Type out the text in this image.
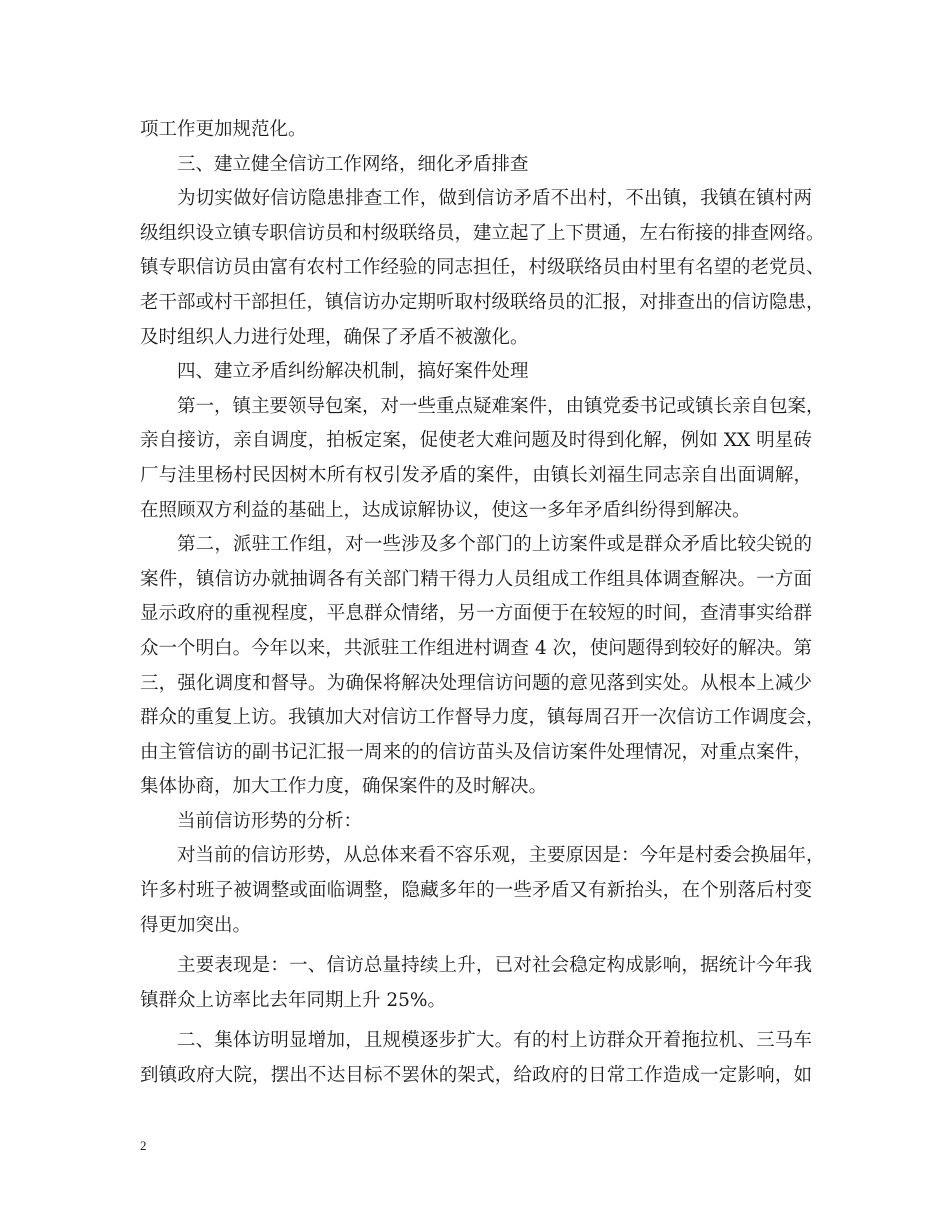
项工作更加规范化。
三、建立健全信访工作网络，细化矛盾排查
为切实做好信访隐患排查工作，做到信访矛盾不出村，不出镇，我镇在镇村两
级组织设立镇专职信访员和村级联络员，建立起了上下贯通，左右衔接的排查网络。
镇专职信访员由富有农村工作经验的同志担任，村级联络员由村里有名望的老党员、
老干部或村干部担任，镇信访办定期听取村级联络员的汇报，对排查出的信访隐患，
及时组织人力进行处理，确保了矛盾不被激化。
四、建立矛盾纠纷解决机制，搞好案件处理
第一，镇主要领导包案，对一些重点疑难案件，由镇党委书记或镇长亲自包案，
亲自接访，亲自调度，拍板定案，促使老大难问题及时得到化解，例如 XX 明星砖
厂与洼里杨村民因树木所有权引发矛盾的案件，由镇长刘福生同志亲自出面调解，
在照顾双方利益的基础上，达成谅解协议，使这一多年矛盾纠纷得到解决。
第二，派驻工作组，对一些涉及多个部门的上访案件或是群众矛盾比较尖锐的
案件，镇信访办就抽调各有关部门精干得力人员组成工作组具体调查解决。一方面
显示政府的重视程度，平息群众情绪，另一方面便于在较短的时间，查清事实给群
众一个明白。今年以来，共派驻工作组进村调查 4 次，使问题得到较好的解决。第
三，强化调度和督导。为确保将解决处理信访问题的意见落到实处。从根本上减少
群众的重复上访。我镇加大对信访工作督导力度，镇每周召开一次信访工作调度会，
由主管信访的副书记汇报一周来的的信访苗头及信访案件处理情况，对重点案件，
集体协商，加大工作力度，确保案件的及时解决。
当前信访形势的分析：
对当前的信访形势，从总体来看不容乐观，主要原因是：今年是村委会换届年，
许多村班子被调整或面临调整，隐藏多年的一些矛盾又有新抬头，在个别落后村变
得更加突出。
主要表现是：一、信访总量持续上升，已对社会稳定构成影响，据统计今年我
镇群众上访率比去年同期上升 25%。
二、集体访明显增加，且规模逐步扩大。有的村上访群众开着拖拉机、三马车
到镇政府大院，摆出不达目标不罢休的架式，给政府的日常工作造成一定影响，如
2
